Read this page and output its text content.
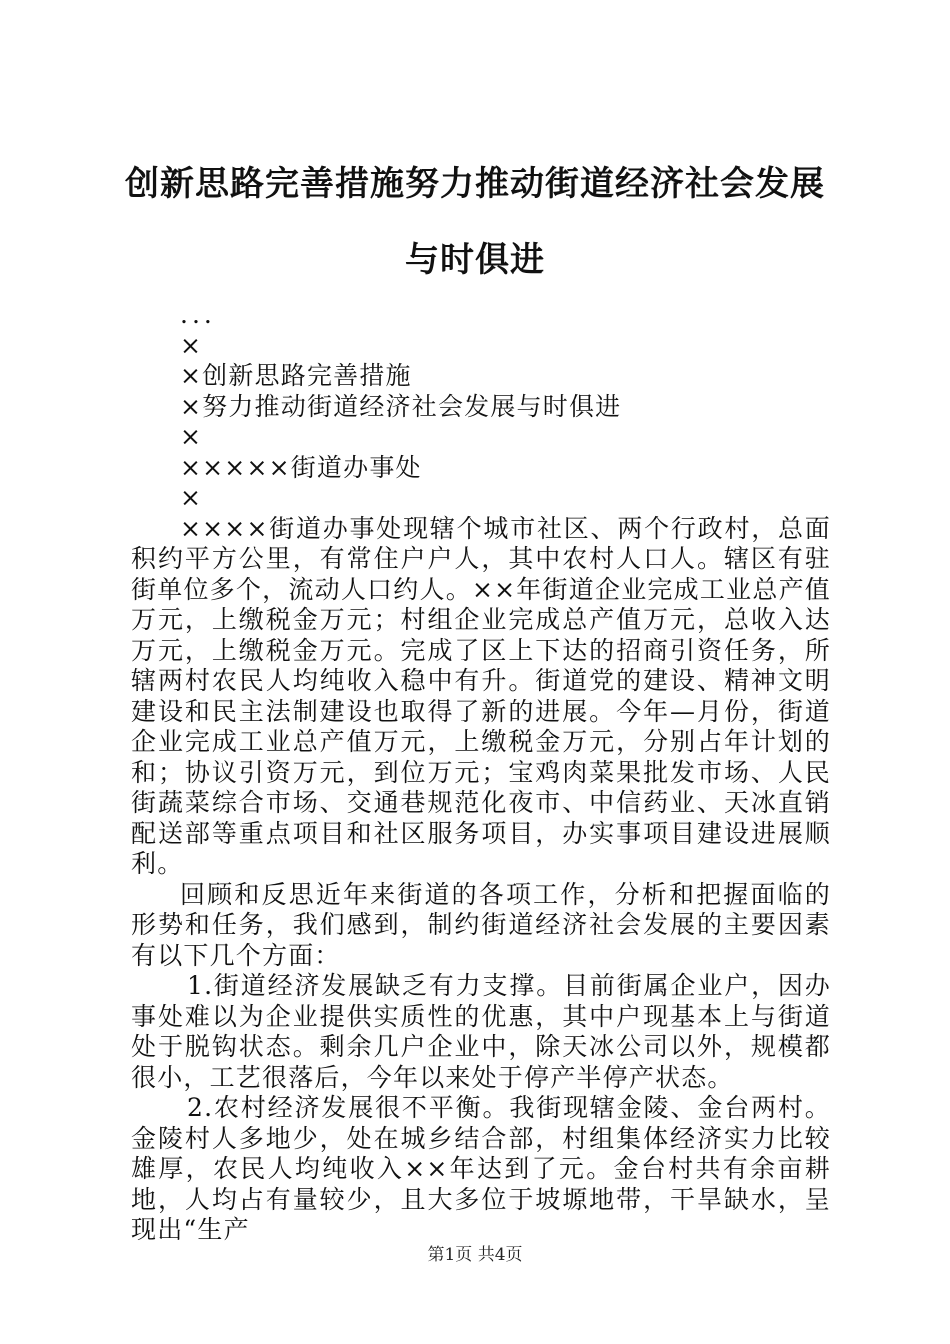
创新思路完善措施努力推动街道经济社会发展
与时俱进

...

×

×创新思路完善措施

×努力推动街道经济社会发展与时俱进

×

×××××街道办事处

×

××××街道办事处现辖个城市社区、两个行政村，总面积约平方公里，有常住户户人，其中农村人口人。辖区有驻街单位多个，流动人口约人。××年街道企业完成工业总产值万元，上缴税金万元；村组企业完成总产值万元，总收入达万元，上缴税金万元。完成了区上下达的招商引资任务，所辖两村农民人均纯收入稳中有升。街道党的建设、精神文明建设和民主法制建设也取得了新的进展。今年—月份，街道企业完成工业总产值万元，上缴税金万元，分别占年计划的和；协议引资万元，到位万元；宝鸡肉菜果批发市场、人民街蔬菜综合市场、交通巷规范化夜市、中信药业、天冰直销配送部等重点项目和社区服务项目，办实事项目建设进展顺利。

回顾和反思近年来街道的各项工作，分析和把握面临的形势和任务，我们感到，制约街道经济社会发展的主要因素有以下几个方面：

1.街道经济发展缺乏有力支撑。目前街属企业户，因办事处难以为企业提供实质性的优惠，其中户现基本上与街道处于脱钩状态。剩余几户企业中，除天冰公司以外，规模都很小，工艺很落后，今年以来处于停产半停产状态。

2.农村经济发展很不平衡。我街现辖金陵、金台两村。金陵村人多地少，处在城乡结合部，村组集体经济实力比较雄厚，农民人均纯收入××年达到了元。金台村共有余亩耕地，人均占有量较少，且大多位于坡塬地带，干旱缺水，呈现出“生产

第1页 共4页
